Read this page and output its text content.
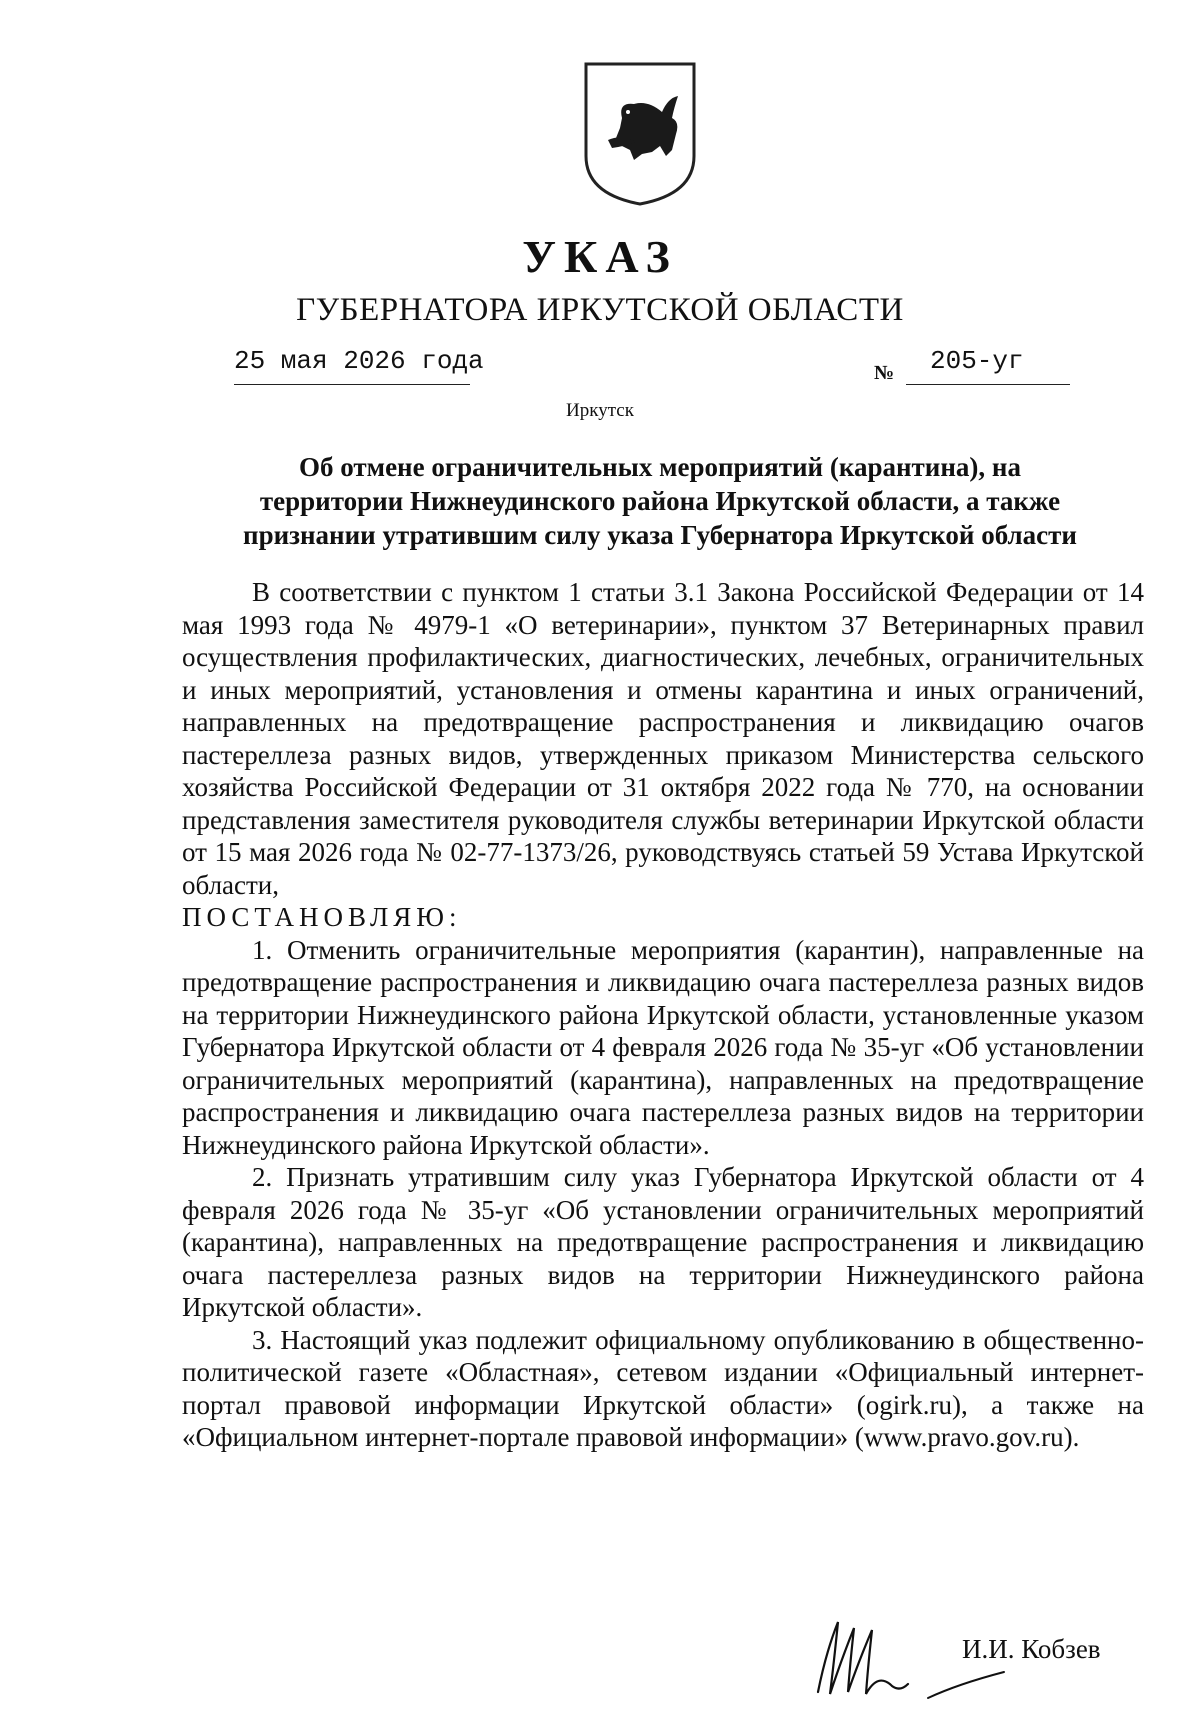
УКАЗ
ГУБЕРНАТОРА ИРКУТСКОЙ ОБЛАСТИ
25 мая 2026 года	№ 205-уг
Иркутск
Об отмене ограничительных мероприятий (карантина), на
территории Нижнеудинского района Иркутской области, а также
признании утратившим силу указа Губернатора Иркутской области

В соответствии с пунктом 1 статьи 3.1 Закона Российской Федерации от 14 мая 1993 года № 4979-1 «О ветеринарии», пунктом 37 Ветеринарных правил осуществления профилактических, диагностических, лечебных, ограничительных и иных мероприятий, установления и отмены карантина и иных ограничений, направленных на предотвращение распространения и ликвидацию очагов пастереллеза разных видов, утвержденных приказом Министерства сельского хозяйства Российской Федерации от 31 октября 2022 года № 770, на основании представления заместителя руководителя службы ветеринарии Иркутской области от 15 мая 2026 года № 02-77-1373/26, руководствуясь статьей 59 Устава Иркутской области,

ПОСТАНОВЛЯЮ:

1. Отменить ограничительные мероприятия (карантин), направленные на предотвращение распространения и ликвидацию очага пастереллеза разных видов на территории Нижнеудинского района Иркутской области, установленные указом Губернатора Иркутской области от 4 февраля 2026 года № 35-уг «Об установлении ограничительных мероприятий (карантина), направленных на предотвращение распространения и ликвидацию очага пастереллеза разных видов на территории Нижнеудинского района Иркутской области».

2. Признать утратившим силу указ Губернатора Иркутской области от 4 февраля 2026 года № 35-уг «Об установлении ограничительных мероприятий (карантина), направленных на предотвращение распространения и ликвидацию очага пастереллеза разных видов на территории Нижнеудинского района Иркутской области».

3. Настоящий указ подлежит официальному опубликованию в общественно-политической газете «Областная», сетевом издании «Официальный интернет-портал правовой информации Иркутской области» (ogirk.ru), а также на «Официальном интернет-портале правовой информации» (www.pravo.gov.ru).

И.И. Кобзев
